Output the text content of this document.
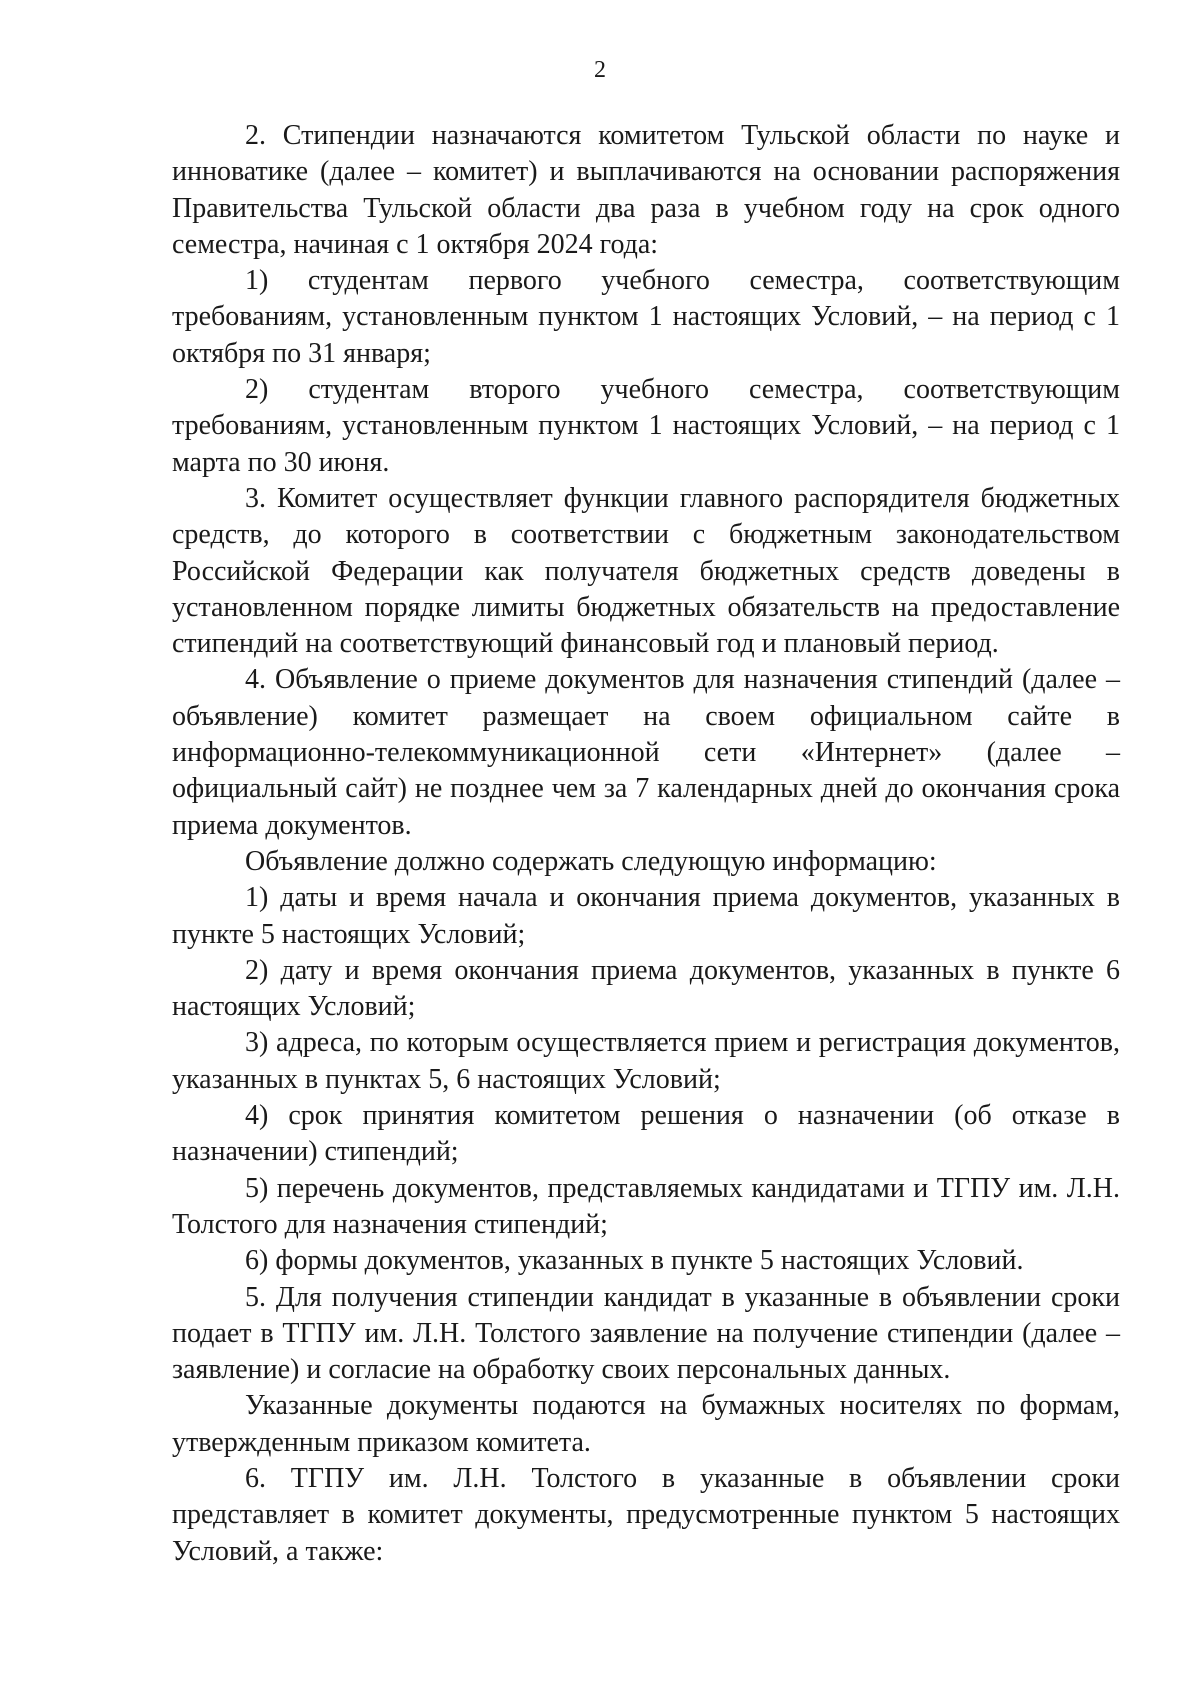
2

2. Стипендии назначаются комитетом Тульской области по науке и инноватике (далее – комитет) и выплачиваются на основании распоряжения Правительства Тульской области два раза в учебном году на срок одного семестра, начиная с 1 октября 2024 года:

1) студентам первого учебного семестра, соответствующим требованиям, установленным пунктом 1 настоящих Условий, – на период с 1 октября по 31 января;

2) студентам второго учебного семестра, соответствующим требованиям, установленным пунктом 1 настоящих Условий, – на период с 1 марта по 30 июня.

3. Комитет осуществляет функции главного распорядителя бюджетных средств, до которого в соответствии с бюджетным законодательством Российской Федерации как получателя бюджетных средств доведены в установленном порядке лимиты бюджетных обязательств на предоставление стипендий на соответствующий финансовый год и плановый период.

4. Объявление о приеме документов для назначения стипендий (далее – объявление) комитет размещает на своем официальном сайте в информационно-телекоммуникационной сети «Интернет» (далее – официальный сайт) не позднее чем за 7 календарных дней до окончания срока приема документов.

Объявление должно содержать следующую информацию:

1) даты и время начала и окончания приема документов, указанных в пункте 5 настоящих Условий;

2) дату и время окончания приема документов, указанных в пункте 6 настоящих Условий;

3) адреса, по которым осуществляется прием и регистрация документов, указанных в пунктах 5, 6 настоящих Условий;

4) срок принятия комитетом решения о назначении (об отказе в назначении) стипендий;

5) перечень документов, представляемых кандидатами и ТГПУ им. Л.Н. Толстого для назначения стипендий;

6) формы документов, указанных в пункте 5 настоящих Условий.

5. Для получения стипендии кандидат в указанные в объявлении сроки подает в ТГПУ им. Л.Н. Толстого заявление на получение стипендии (далее – заявление) и согласие на обработку своих персональных данных.

Указанные документы подаются на бумажных носителях по формам, утвержденным приказом комитета.

6. ТГПУ им. Л.Н. Толстого в указанные в объявлении сроки представляет в комитет документы, предусмотренные пунктом 5 настоящих Условий, а также:
